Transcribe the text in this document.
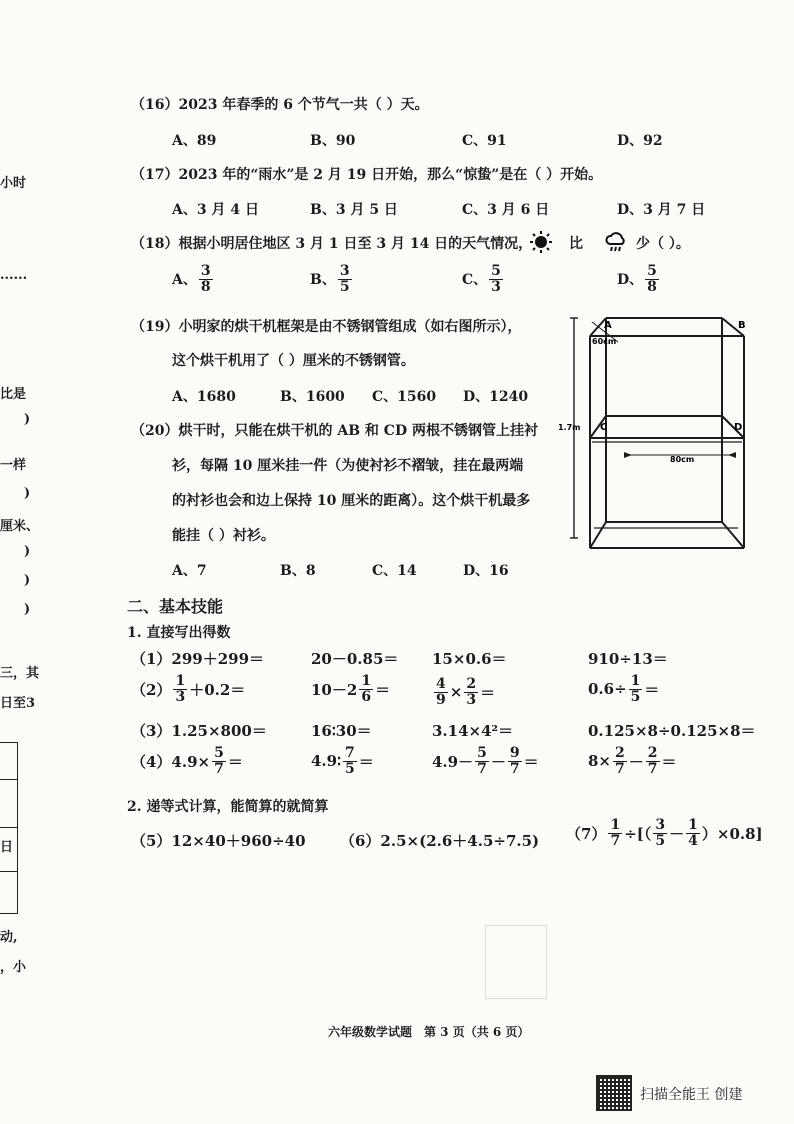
小时
......
比是
)
一样
)
厘米、
)
)
)
三，其
日至3
日
动,
，小
（16）2023 年春季的 6 个节气一共（ ）天。
A、89	B、90	C、91	D、92
（17）2023 年的“雨水”是 2 月 19 日开始，那么“惊蛰”是在（ ）开始。
A、3 月 4 日	B、3 月 5 日	C、3 月 6 日	D、3 月 7 日
（18）根据小明居住地区 3 月 1 日至 3 月 14 日的天气情况，	比	少（ ）。
A、 $\frac{3}{8}$	B、 $\frac{3}{5}$	C、 $\frac{5}{3}$	D、 $\frac{5}{8}$
（19）小明家的烘干机框架是由不锈钢管组成（如右图所示），
这个烘干机用了（ ）厘米的不锈钢管。
A、1680	B、1600 C、1560 D、1240
（20）烘干时，只能在烘干机的 AB 和 CD 两根不锈钢管上挂衬
衫，每隔 10 厘米挂一件（为使衬衫不褶皱，挂在最两端
的衬衫也会和边上保持 10 厘米的距离）。这个烘干机最多
能挂（ ）衬衫。
A、7	B、8	C、14	D、16
A	B
C	D
1.7m
60cm
80cm
二、基本技能
1. 直接写出得数
（1）299＋299＝	20－0.85＝ 15×0.6＝	910÷13＝
$(2) \frac{1}{3} +0.2=$	$10-2 \frac{1}{6}$ ＝	$\frac{4}{9} \times \frac{2}{3}$ ＝	$0.6\div \frac{1}{5}$ ＝
（3）1.25×800＝	16∶30＝	3.14×4²＝	0.125×8÷0.125×8＝
$(4)4.9\times \frac{5}{7}$ ＝	4.9∶ $\frac{7}{5}$ ＝	$4.9- \frac{5}{7} - \frac{9}{7}$ ＝	$8\times \frac{2}{7} - \frac{2}{7}$ ＝
2. 递等式计算，能简算的就简算
（5）12×40＋960÷40 （6）2.5×(2.6＋4.5÷7.5) $(7) \frac{1}{7}$ ÷[（ $\frac{3}{5} - \frac{1}{4} )\times 0.8$]
六年级数学试题　第 3 页（共 6 页）
扫描全能王 创建
